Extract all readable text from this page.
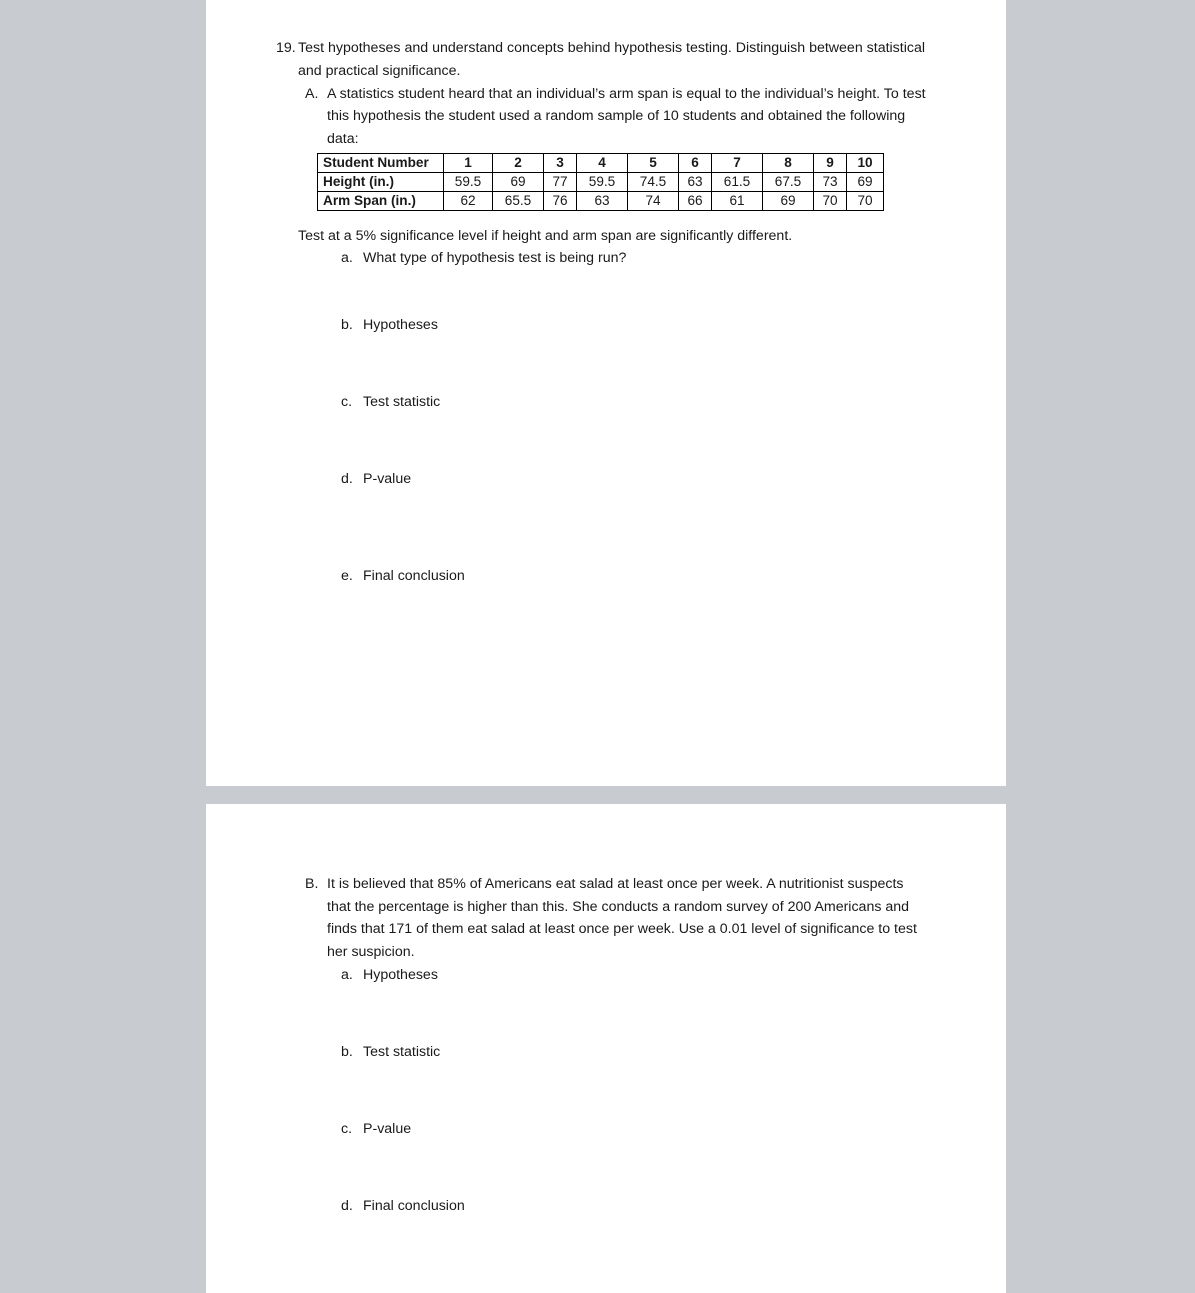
19. Test hypotheses and understand concepts behind hypothesis testing. Distinguish between statistical
and practical significance.
A. A statistics student heard that an individual’s arm span is equal to the individual’s height. To test
this hypothesis the student used a random sample of 10 students and obtained the following
data:
Student Number	1	2	3	4	5	6	7	8	9	10
Height (in.)	59.5	69	77	59.5	74.5	63	61.5	67.5	73	69
Arm Span (in.)	62	65.5	76	63	74	66	61	69	70	70
Test at a 5% significance level if height and arm span are significantly different.
a. What type of hypothesis test is being run?
b. Hypotheses
c. Test statistic
d. P-value
e. Final conclusion
B. It is believed that 85% of Americans eat salad at least once per week. A nutritionist suspects
that the percentage is higher than this. She conducts a random survey of 200 Americans and
finds that 171 of them eat salad at least once per week. Use a 0.01 level of significance to test
her suspicion.
a. Hypotheses
b. Test statistic
c. P-value
d. Final conclusion
